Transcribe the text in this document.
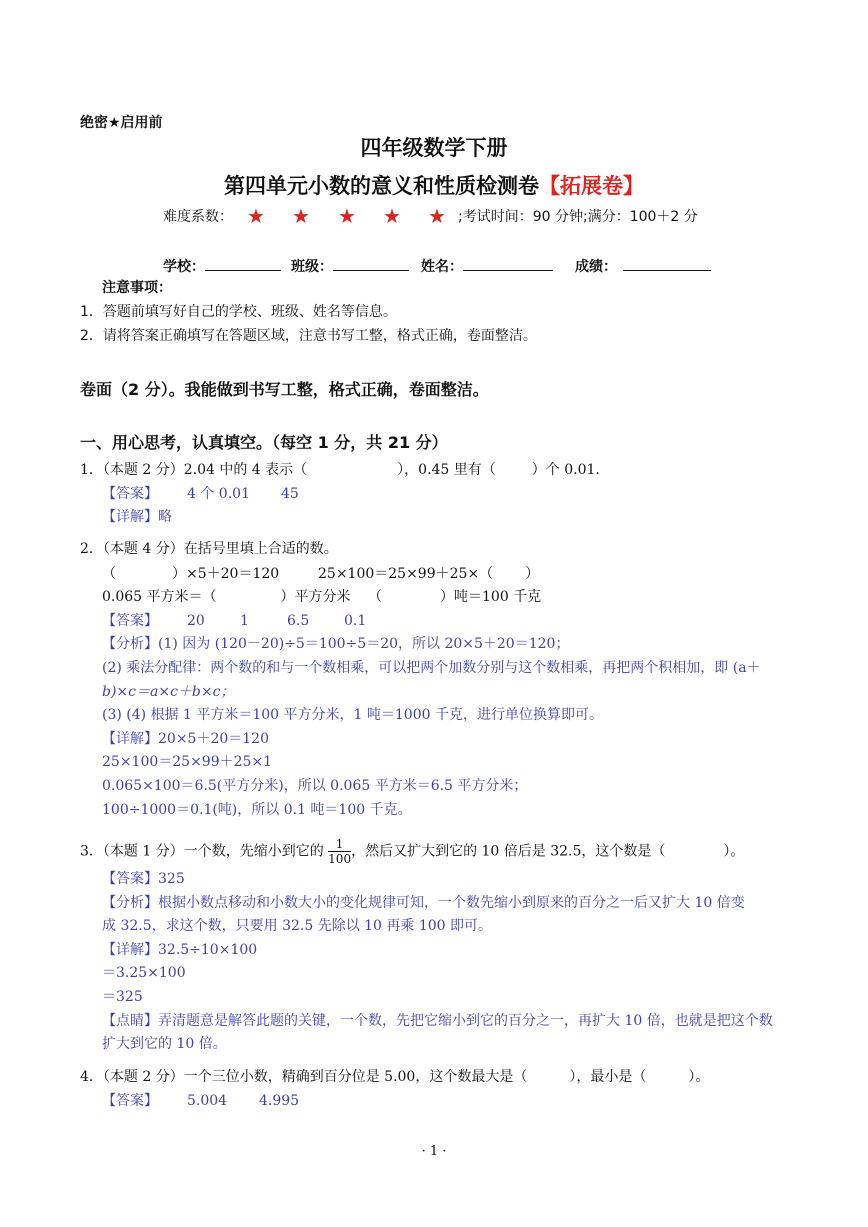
绝密★启用前
四年级数学下册
第四单元小数的意义和性质检测卷【拓展卷】
难度系数： ★ ★ ★ ★ ★ ;考试时间：90 分钟;满分：100＋2 分
学校：	班级：	姓名：	成绩：
注意事项：
1．答题前填写好自己的学校、班级、姓名等信息。
2．请将答案正确填写在答题区域，注意书写工整，格式正确，卷面整洁。
卷面（2 分）。我能做到书写工整，格式正确，卷面整洁。
一、用心思考，认真填空。（每空 1 分，共 21 分）
1．（本题 2 分）2.04 中的 4 表示（	），0.45 里有（	）个 0.01.
【答案】 4 个 0.01 45
【详解】略
2．（本题 4 分）在括号里填上合适的数。
（	）×5＋20＝120	25×100＝25×99＋25×（ ）
0.065 平方米＝（	）平方分米 （	）吨＝100 千克
【答案】 20	1	6.5 0.1
【分析】(1) 因为 (120－20)÷5＝100÷5＝20，所以 20×5＋20＝120；
(2) 乘法分配律：两个数的和与一个数相乘，可以把两个加数分别与这个数相乘，再把两个积相加，即 (a＋
b)×c＝a×c＋b×c；
(3) (4) 根据 1 平方米＝100 平方分米，1 吨＝1000 千克，进行单位换算即可。
【详解】20×5＋20＝120
25×100＝25×99＋25×1
0.065×100＝6.5(平方分米)，所以 0.065 平方米＝6.5 平方分米；
100÷1000＝0.1(吨)，所以 0.1 吨＝100 千克。
3．（本题 1 分）一个数，先缩小到它的 $\frac{1}{100}$ ，然后又扩大到它的 10 倍后是 32.5，这个数是（	）。
【答案】325
【分析】根据小数点移动和小数大小的变化规律可知，一个数先缩小到原来的百分之一后又扩大 10 倍变
成 32.5，求这个数，只要用 32.5 先除以 10 再乘 100 即可。
【详解】32.5÷10×100
＝3.25×100
＝325
【点睛】弄清题意是解答此题的关键，一个数，先把它缩小到它的百分之一，再扩大 10 倍，也就是把这个数
扩大到它的 10 倍。
4．（本题 2 分）一个三位小数，精确到百分位是 5.00，这个数最大是（	），最小是（	）。
【答案】 5.004 4.995
· 1 ·
